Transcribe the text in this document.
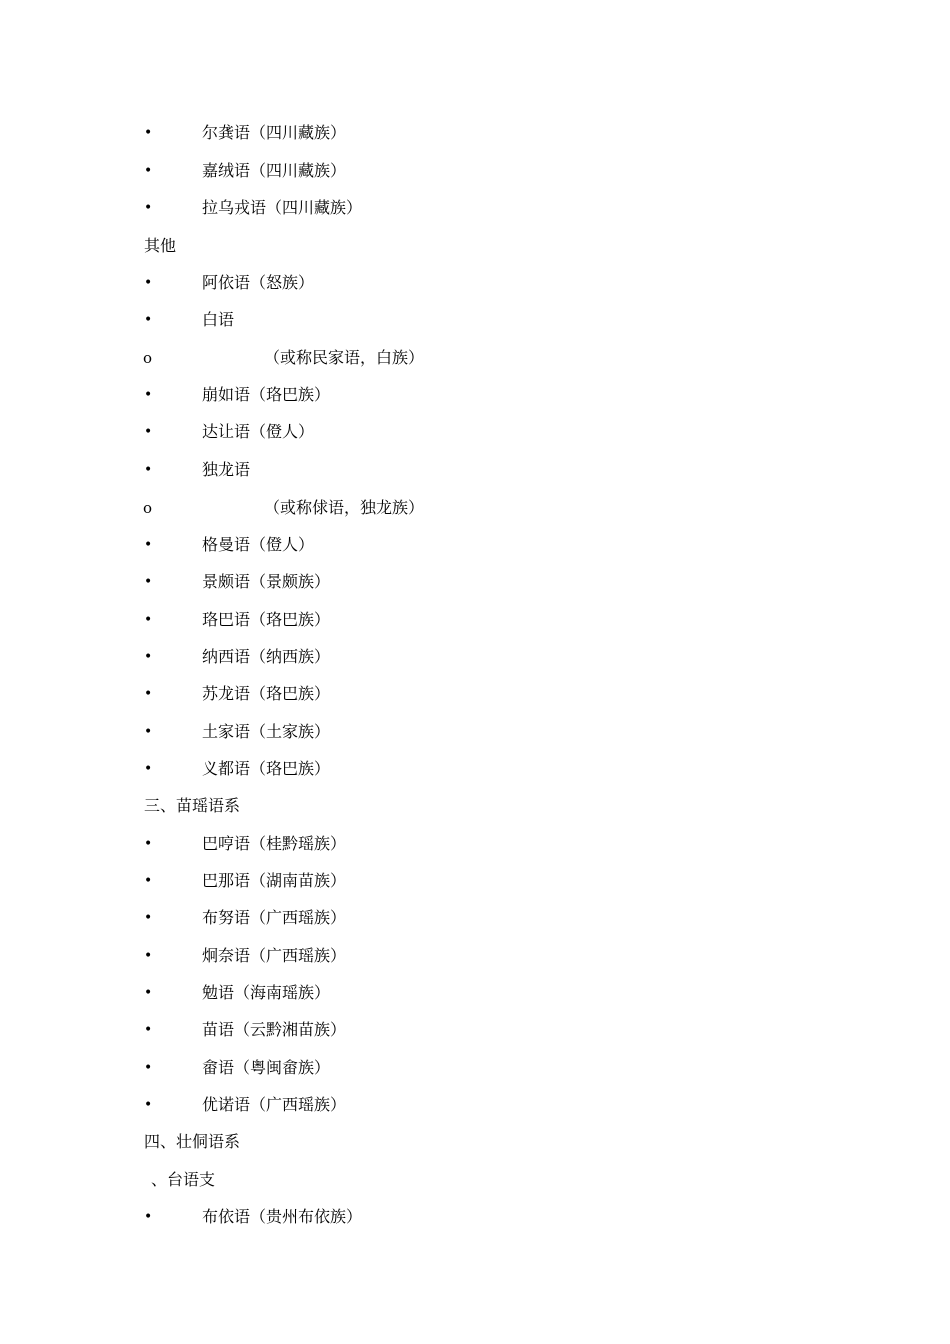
•	尔龚语（四川藏族）
•	嘉绒语（四川藏族）
•	拉乌戎语（四川藏族）
其他
•	阿依语（怒族）
•	白语
o	（或称民家语，白族）
•	崩如语（珞巴族）
•	达让语（僜人）
•	独龙语
o	（或称俅语，独龙族）
•	格曼语（僜人）
•	景颇语（景颇族）
•	珞巴语（珞巴族）
•	纳西语（纳西族）
•	苏龙语（珞巴族）
•	土家语（土家族）
•	义都语（珞巴族）
三、苗瑶语系
•	巴哼语（桂黔瑶族）
•	巴那语（湖南苗族）
•	布努语（广西瑶族）
•	炯奈语（广西瑶族）
•	勉语（海南瑶族）
•	苗语（云黔湘苗族）
•	畲语（粤闽畲族）
•	优诺语（广西瑶族）
四、壮侗语系
、台语支
•	布依语（贵州布依族）
